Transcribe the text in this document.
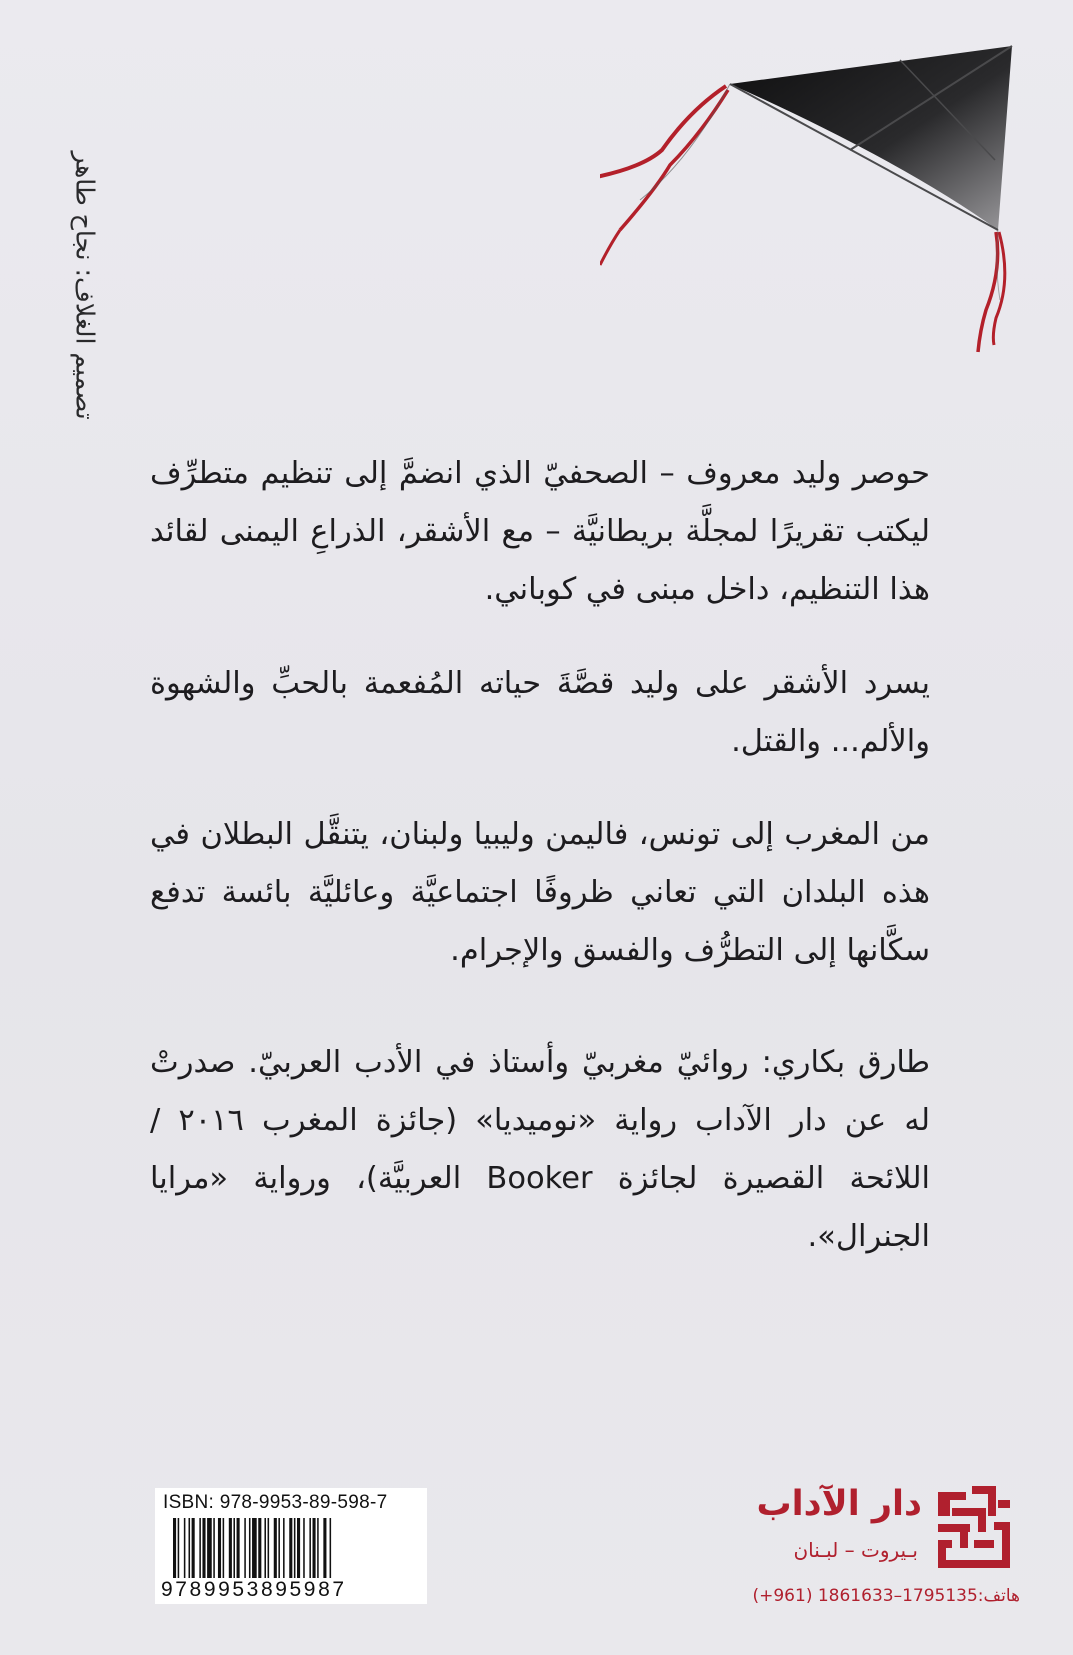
تصميم الغلاف: نجاح طاهر

حوصر وليد معروف – الصحفيّ الذي انضمَّ إلى تنظيم متطرِّف ليكتب تقريرًا لمجلَّة بريطانيَّة – مع الأشقر، الذراعِ اليمنى لقائد هذا التنظيم، داخل مبنى في كوباني.

يسرد الأشقر على وليد قصَّةَ حياته المُفعمة بالحبِّ والشهوة والألم... والقتل.

من المغرب إلى تونس، فاليمن وليبيا ولبنان، يتنقَّل البطلان في هذه البلدان التي تعاني ظروفًا اجتماعيَّة وعائليَّة بائسة تدفع سكَّانها إلى التطرُّف والفسق والإجرام.

طارق بكاري: روائيّ مغربيّ وأستاذ في الأدب العربيّ. صدرتْ له عن دار الآداب رواية «نوميديا» (جائزة المغرب ٢٠١٦ / اللائحة القصيرة لجائزة Booker العربيَّة)، ورواية «مرايا الجنرال».

ISBN: 978-9953-89-598-7
9789953895987
دار الآداب
بـيروت – لبـنان
هاتف:1795135–1861633 (961+)
